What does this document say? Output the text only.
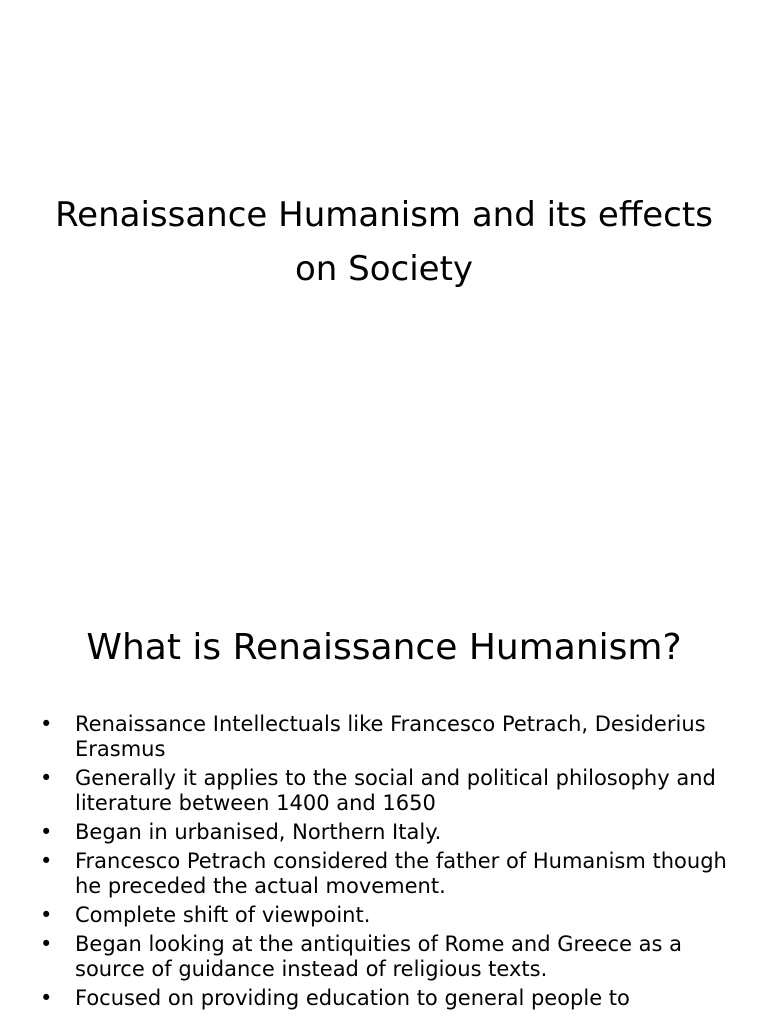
Renaissance Humanism and its effects on Society
What is Renaissance Humanism?
• Renaissance Intellectuals like Francesco Petrach, Desiderius Erasmus
• Generally it applies to the social and political philosophy and literature between 1400 and 1650
• Began in urbanised, Northern Italy.
• Francesco Petrach considered the father of Humanism though he preceded the actual movement.
• Complete shift of viewpoint.
• Began looking at the antiquities of Rome and Greece as a source of guidance instead of religious texts.
• Focused on providing education to general people to
